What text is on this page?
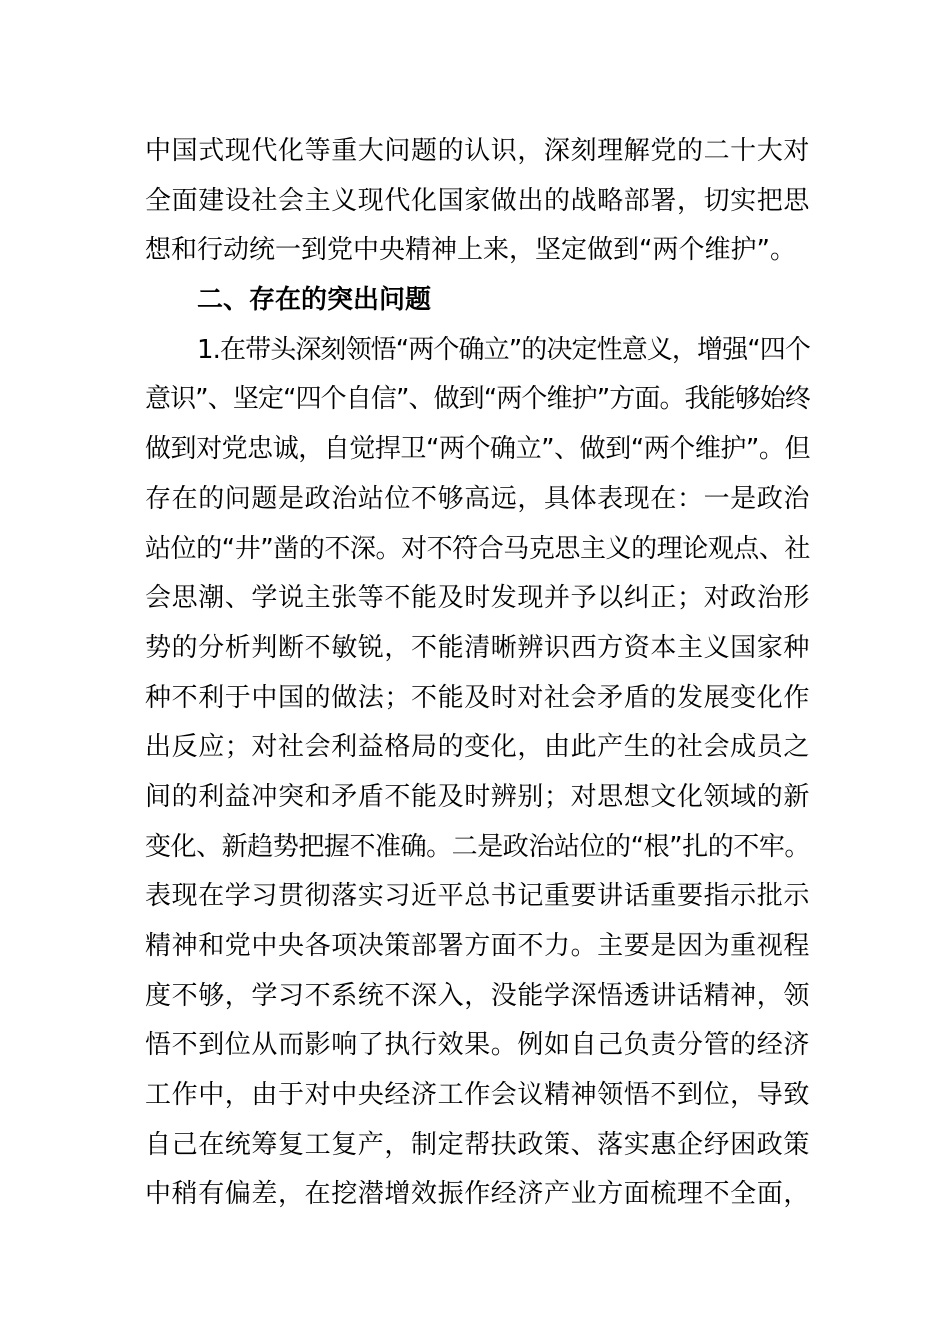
中国式现代化等重大问题的认识，深刻理解党的二十大对
全面建设社会主义现代化国家做出的战略部署，切实把思
想和行动统一到党中央精神上来，坚定做到“两个维护”。
二、存在的突出问题
1.在带头深刻领悟“两个确立”的决定性意义，增强“四个
意识”、坚定“四个自信”、做到“两个维护”方面。我能够始终
做到对党忠诚，自觉捍卫“两个确立”、做到“两个维护”。但
存在的问题是政治站位不够高远，具体表现在：一是政治
站位的“井”凿的不深。对不符合马克思主义的理论观点、社
会思潮、学说主张等不能及时发现并予以纠正；对政治形
势的分析判断不敏锐，不能清晰辨识西方资本主义国家种
种不利于中国的做法；不能及时对社会矛盾的发展变化作
出反应；对社会利益格局的变化，由此产生的社会成员之
间的利益冲突和矛盾不能及时辨别；对思想文化领域的新
变化、新趋势把握不准确。二是政治站位的“根”扎的不牢。
表现在学习贯彻落实习近平总书记重要讲话重要指示批示
精神和党中央各项决策部署方面不力。主要是因为重视程
度不够，学习不系统不深入，没能学深悟透讲话精神，领
悟不到位从而影响了执行效果。例如自己负责分管的经济
工作中，由于对中央经济工作会议精神领悟不到位，导致
自己在统筹复工复产，制定帮扶政策、落实惠企纾困政策
中稍有偏差，在挖潜增效振作经济产业方面梳理不全面，
